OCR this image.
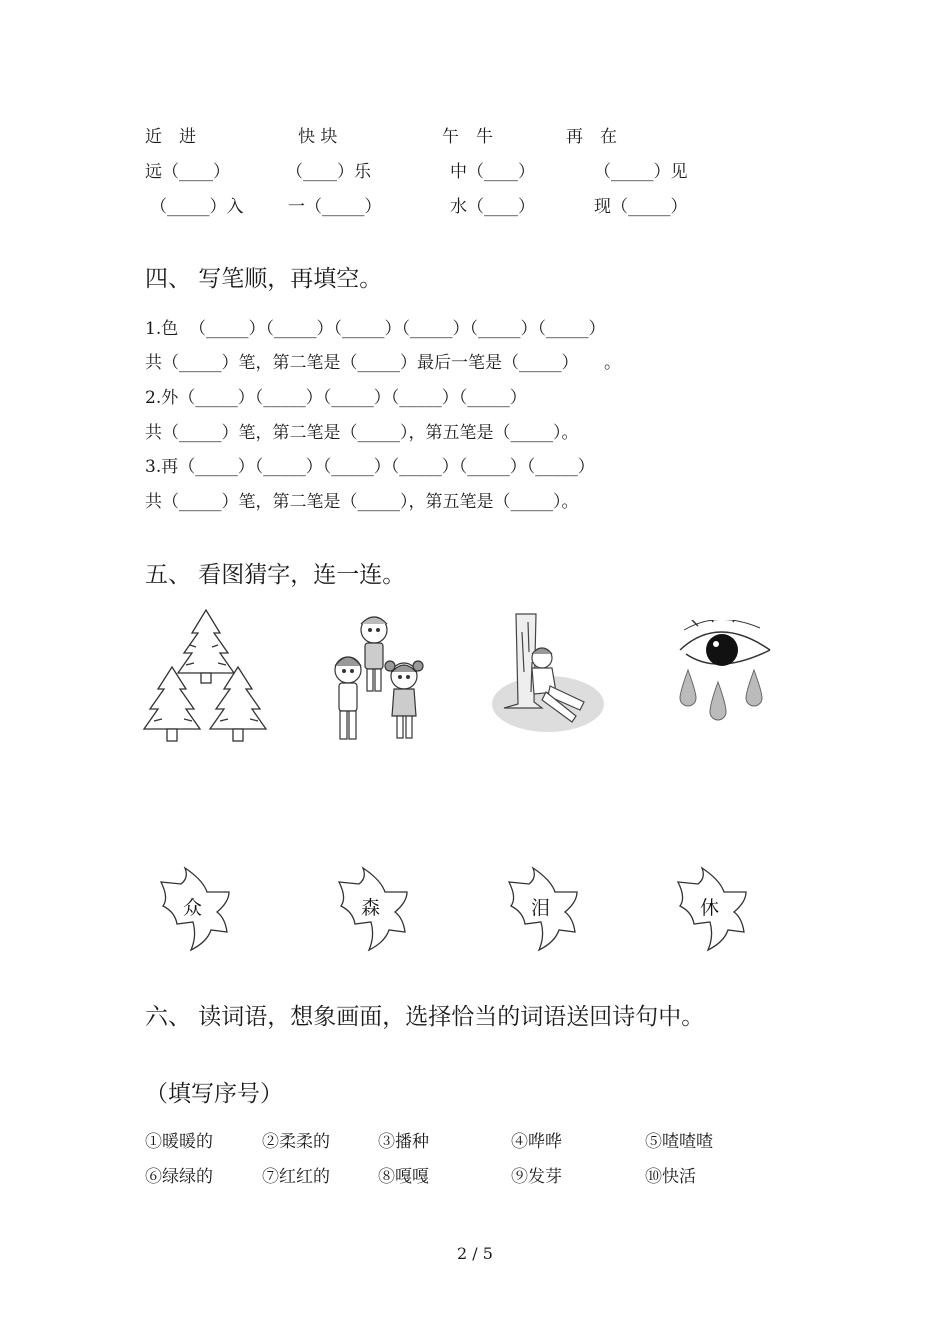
近　进	快 块	午　牛	再　在
远（____）	（____）乐	中（____）	（_____）见
（_____）入	一（_____）	水（____）	现（_____）
四、 写笔顺，再填空。
1.色  （_____）（_____）（_____）（_____）（_____）（_____）
共（_____）笔，第二笔是（_____）最后一笔是（_____）　　。
2.外（_____）（_____）（_____）（_____）（_____）
共（_____）笔，第二笔是（_____），第五笔是（_____）。
3.再（_____）（_____）（_____）（_____）（_____）（_____）
共（_____）笔，第二笔是（_____），第五笔是（_____）。
五、 看图猜字，连一连。
众	森	泪	休
六、 读词语，想象画面，选择恰当的词语送回诗句中。
（填写序号）
①暖暖的	②柔柔的	③播种	④哗哗	⑤喳喳喳
⑥绿绿的	⑦红红的	⑧嘎嘎	⑨发芽	⑩快活
2 / 5
